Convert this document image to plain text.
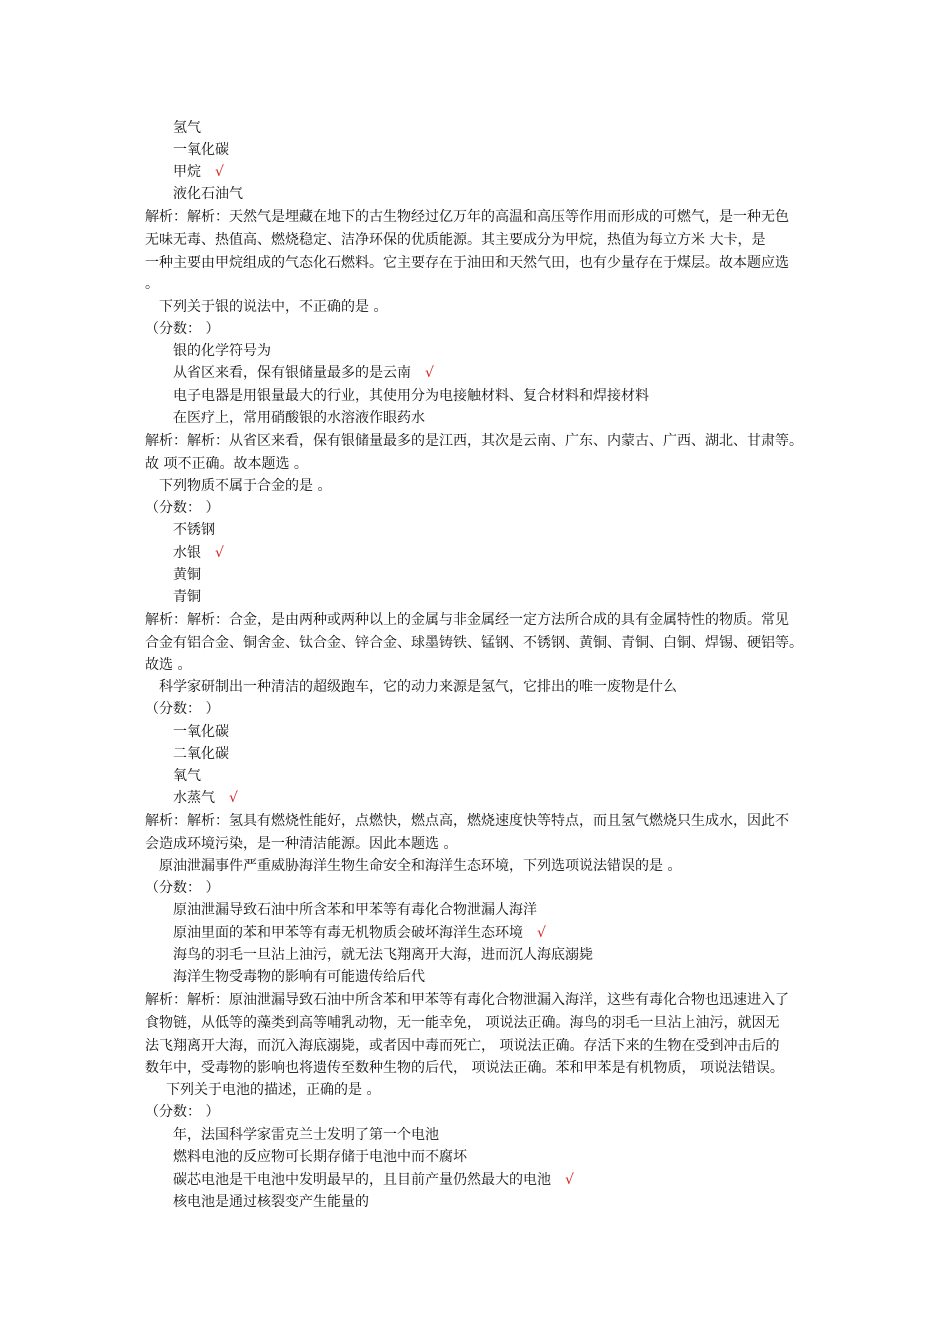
氢气
一氧化碳
甲烷 √
液化石油气
解析：解析：天然气是埋藏在地下的古生物经过亿万年的高温和高压等作用而形成的可燃气，是一种无色
无味无毒、热值高、燃烧稳定、洁净环保的优质能源。其主要成分为甲烷，热值为每立方米 大卡，是
一种主要由甲烷组成的气态化石燃料。它主要存在于油田和天然气田，也有少量存在于煤层。故本题应选
。
下列关于银的说法中，不正确的是 。
（分数： ）
银的化学符号为
从省区来看，保有银储量最多的是云南 √
电子电器是用银量最大的行业，其使用分为电接触材料、复合材料和焊接材料
在医疗上，常用硝酸银的水溶液作眼药水
解析：解析：从省区来看，保有银储量最多的是江西，其次是云南、广东、内蒙古、广西、湖北、甘肃等。
故 项不正确。故本题选 。
下列物质不属于合金的是 。
（分数： ）
不锈钢
水银 √
黄铜
青铜
解析：解析：合金，是由两种或两种以上的金属与非金属经一定方法所合成的具有金属特性的物质。常见
合金有铝合金、铜舍金、钛合金、锌合金、球墨铸铁、锰钢、不锈钢、黄铜、青铜、白铜、焊锡、硬铝等。
故选 。
科学家研制出一种清洁的超级跑车，它的动力来源是氢气，它排出的唯一废物是什么
（分数： ）
一氧化碳
二氧化碳
氧气
水蒸气 √
解析：解析：氢具有燃烧性能好，点燃快，燃点高，燃烧速度快等特点，而且氢气燃烧只生成水，因此不
会造成环境污染，是一种清洁能源。因此本题选 。
原油泄漏事件严重威胁海洋生物生命安全和海洋生态环境，下列选项说法错误的是 。
（分数： ）
原油泄漏导致石油中所含苯和甲苯等有毒化合物泄漏人海洋
原油里面的苯和甲苯等有毒无机物质会破坏海洋生态环境 √
海鸟的羽毛一旦沾上油污，就无法飞翔离开大海，进而沉人海底溺毙
海洋生物受毒物的影响有可能遗传给后代
解析：解析：原油泄漏导致石油中所含苯和甲苯等有毒化合物泄漏入海洋，这些有毒化合物也迅速进入了
食物链，从低等的藻类到高等哺乳动物，无一能幸免， 项说法正确。海鸟的羽毛一旦沾上油污，就因无
法飞翔离开大海，而沉入海底溺毙，或者因中毒而死亡， 项说法正确。存活下来的生物在受到冲击后的
数年中，受毒物的影响也将遗传至数种生物的后代， 项说法正确。苯和甲苯是有机物质， 项说法错误。
下列关于电池的描述，正确的是 。
（分数： ）
年，法国科学家雷克兰士发明了第一个电池
燃料电池的反应物可长期存储于电池中而不腐坏
碳芯电池是干电池中发明最早的，且目前产量仍然最大的电池 √
核电池是通过核裂变产生能量的
